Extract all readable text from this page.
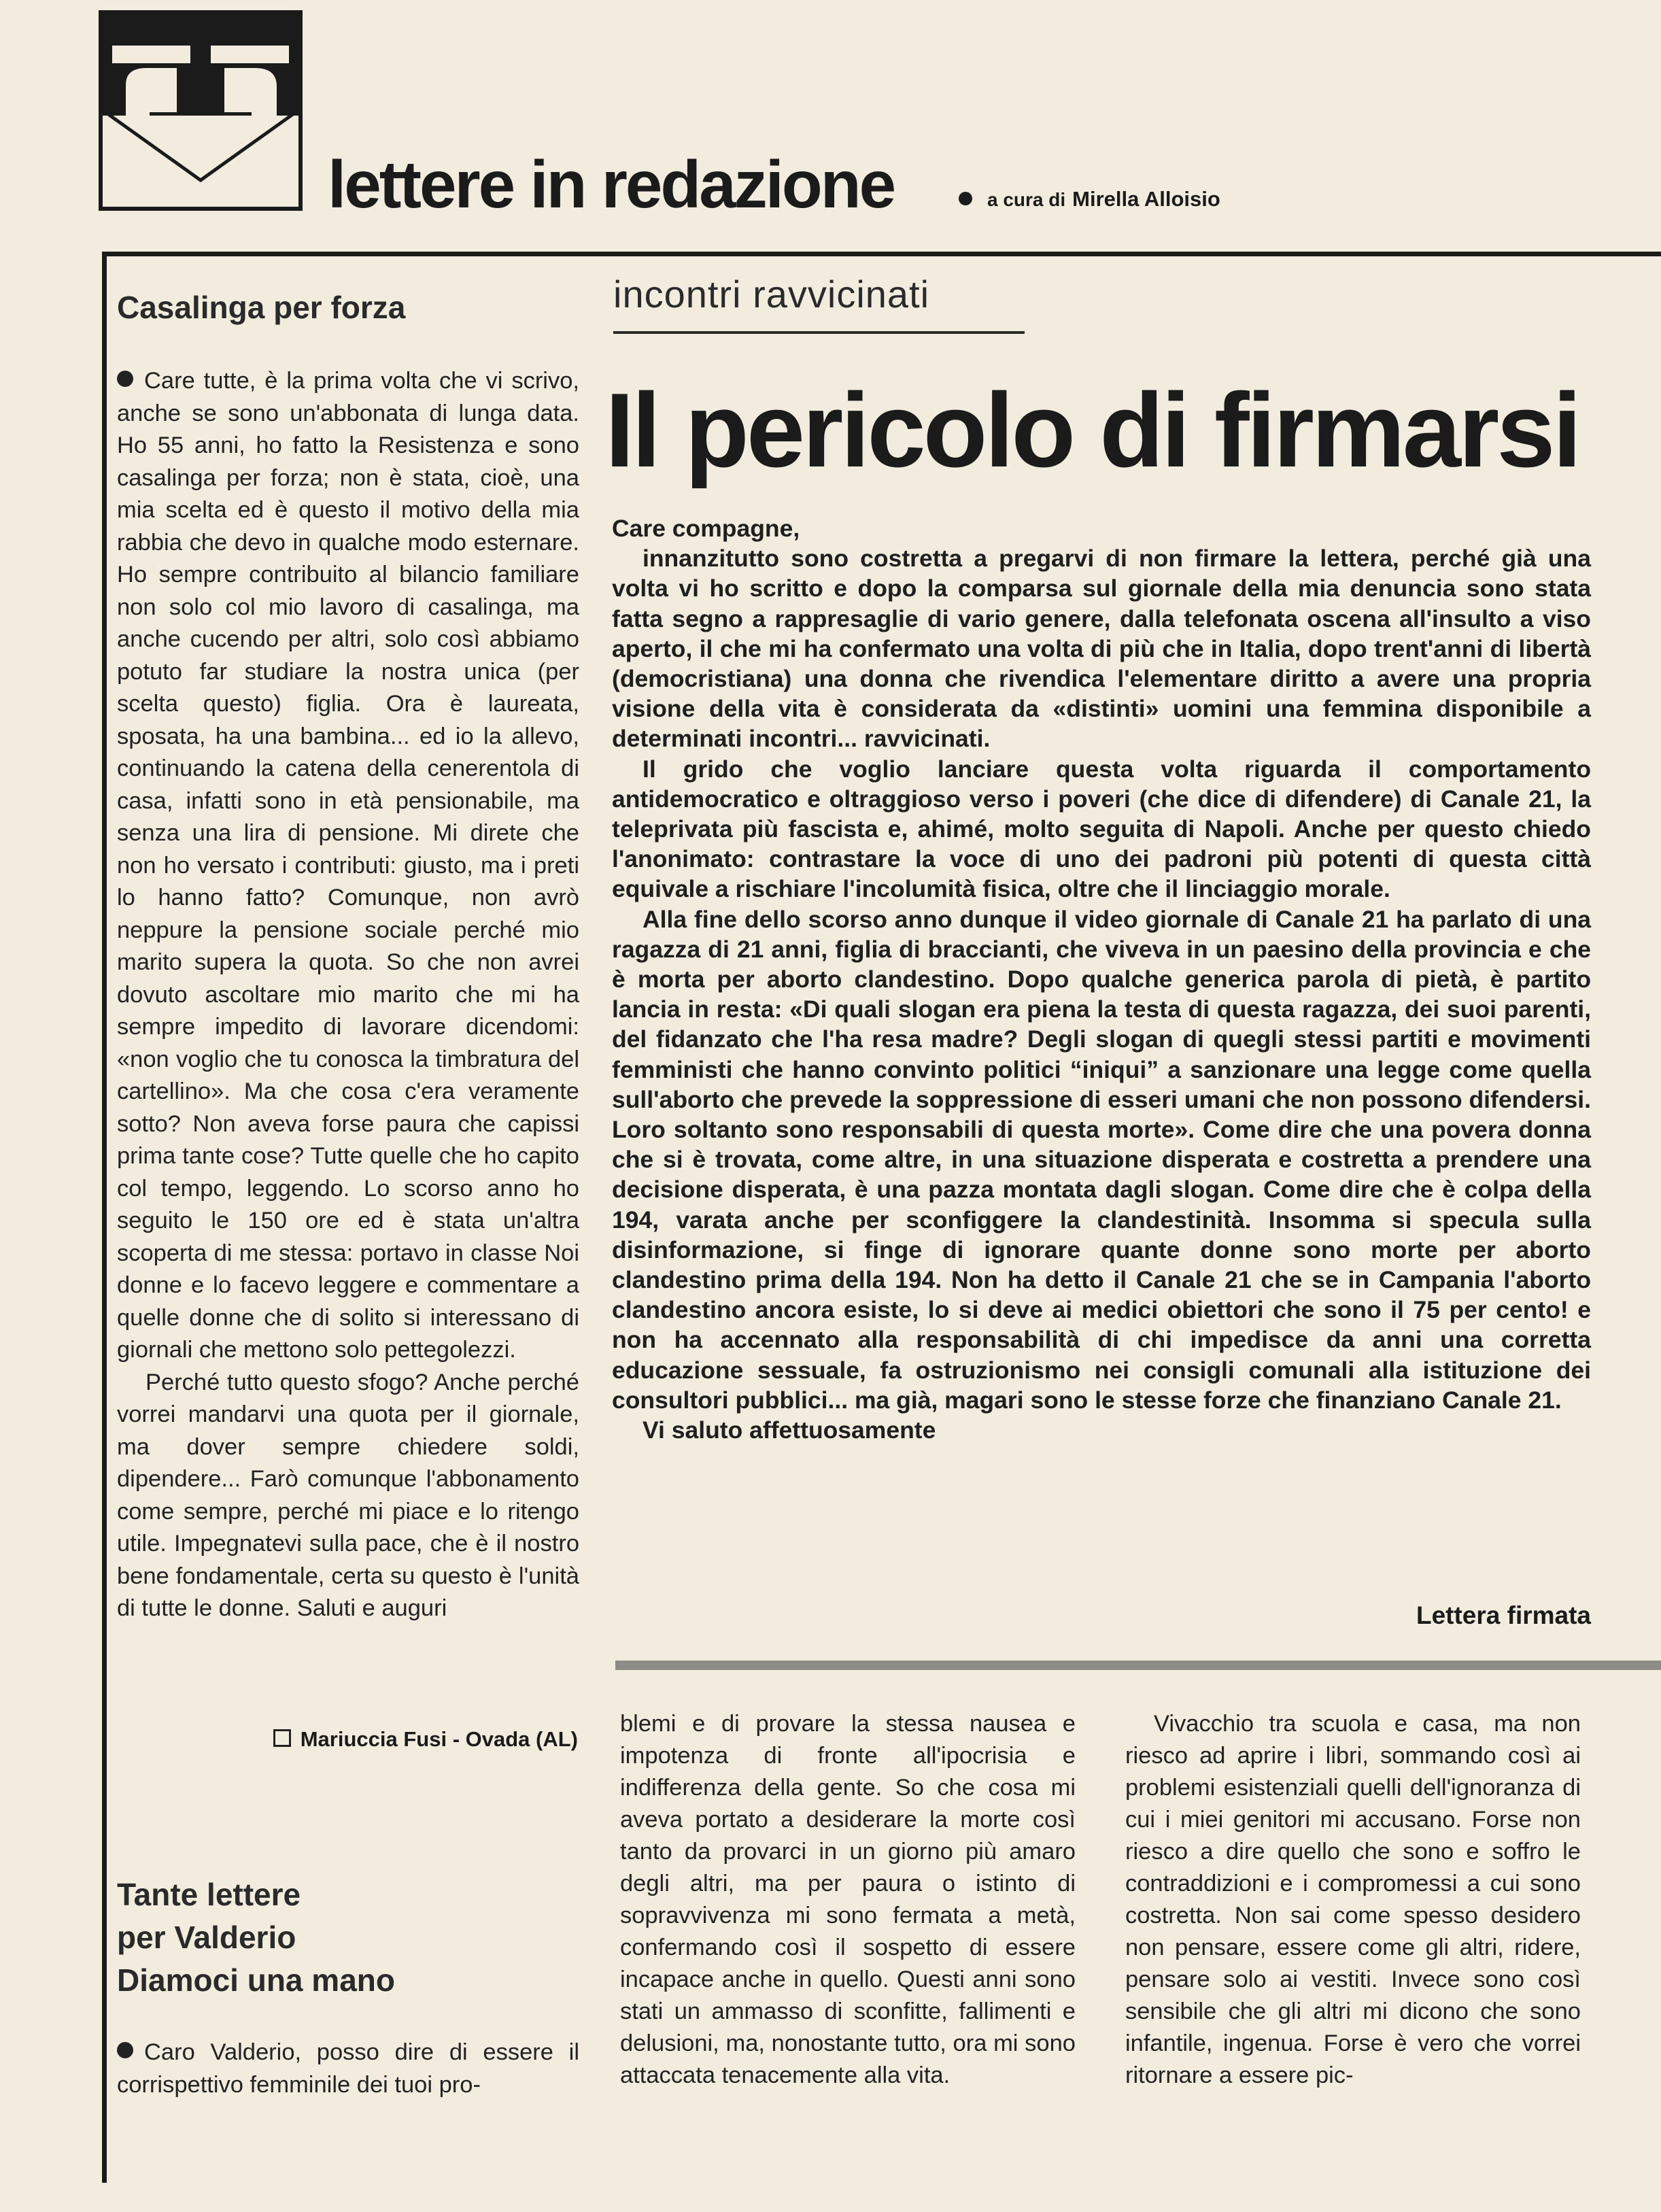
lettere in redazione	a cura di Mirella Alloisio
Casalinga per forza

Care tutte, è la prima volta che vi scrivo, anche se sono un'abbonata di lunga data. Ho 55 anni, ho fatto la Resistenza e sono casalinga per forza; non è stata, cioè, una mia scelta ed è questo il motivo della mia rabbia che devo in qualche modo esternare. Ho sempre contribuito al bilancio familiare non solo col mio lavoro di casalinga, ma anche cucendo per altri, solo così abbiamo potuto far studiare la nostra unica (per scelta questo) figlia. Ora è laureata, sposata, ha una bambina... ed io la allevo, continuando la catena della cenerentola di casa, infatti sono in età pensionabile, ma senza una lira di pensione. Mi direte che non ho versato i contributi: giusto, ma i preti lo hanno fatto? Comunque, non avrò neppure la pensione sociale perché mio marito supera la quota. So che non avrei dovuto ascoltare mio marito che mi ha sempre impedito di lavorare dicendomi: «non voglio che tu conosca la timbratura del cartellino». Ma che cosa c'era veramente sotto? Non aveva forse paura che capissi prima tante cose? Tutte quelle che ho capito col tempo, leggendo. Lo scorso anno ho seguito le 150 ore ed è stata un'altra scoperta di me stessa: portavo in classe Noi donne e lo facevo leggere e commentare a quelle donne che di solito si interessano di giornali che mettono solo pettegolezzi.

Perché tutto questo sfogo? Anche perché vorrei mandarvi una quota per il giornale, ma dover sempre chiedere soldi, dipendere... Farò comunque l'abbonamento come sempre, perché mi piace e lo ritengo utile. Impegnatevi sulla pace, che è il nostro bene fondamentale, certa su questo è l'unità di tutte le donne. Saluti e auguri

Mariuccia Fusi - Ovada (AL)
Tante lettere
per Valderio
Diamoci una mano

Caro Valderio, posso dire di essere il corrispettivo femminile dei tuoi pro-

incontri ravvicinati
Il pericolo di firmarsi

Care compagne,

innanzitutto sono costretta a pregarvi di non firmare la lettera, perché già una volta vi ho scritto e dopo la comparsa sul giornale della mia denuncia sono stata fatta segno a rappresaglie di vario genere, dalla telefonata oscena all'insulto a viso aperto, il che mi ha confermato una volta di più che in Italia, dopo trent'anni di libertà (democristiana) una donna che rivendica l'elementare diritto a avere una propria visione della vita è considerata da «distinti» uomini una femmina disponibile a determinati incontri... ravvicinati.

Il grido che voglio lanciare questa volta riguarda il comportamento antidemocratico e oltraggioso verso i poveri (che dice di difendere) di Canale 21, la teleprivata più fascista e, ahimé, molto seguita di Napoli. Anche per questo chiedo l'anonimato: contrastare la voce di uno dei padroni più potenti di questa città equivale a rischiare l'incolumità fisica, oltre che il linciaggio morale.

Alla fine dello scorso anno dunque il video giornale di Canale 21 ha parlato di una ragazza di 21 anni, figlia di braccianti, che viveva in un paesino della provincia e che è morta per aborto clandestino. Dopo qualche generica parola di pietà, è partito lancia in resta: «Di quali slogan era piena la testa di questa ragazza, dei suoi parenti, del fidanzato che l'ha resa madre? Degli slogan di quegli stessi partiti e movimenti femministi che hanno convinto politici “iniqui” a sanzionare una legge come quella sull'aborto che prevede la soppressione di esseri umani che non possono difendersi. Loro soltanto sono responsabili di questa morte». Come dire che una povera donna che si è trovata, come altre, in una situazione disperata e costretta a prendere una decisione disperata, è una pazza montata dagli slogan. Come dire che è colpa della 194, varata anche per sconfiggere la clandestinità. Insomma si specula sulla disinformazione, si finge di ignorare quante donne sono morte per aborto clandestino prima della 194. Non ha detto il Canale 21 che se in Campania l'aborto clandestino ancora esiste, lo si deve ai medici obiettori che sono il 75 per cento! e non ha accennato alla responsabilità di chi impedisce da anni una corretta educazione sessuale, fa ostruzionismo nei consigli comunali alla istituzione dei consultori pubblici... ma già, magari sono le stesse forze che finanziano Canale 21.

Vi saluto affettuosamente

Lettera firmata

blemi e di provare la stessa nausea e impotenza di fronte all'ipocrisia e indifferenza della gente. So che cosa mi aveva portato a desiderare la morte così tanto da provarci in un giorno più amaro degli altri, ma per paura o istinto di sopravvivenza mi sono fermata a metà, confermando così il sospetto di essere incapace anche in quello. Questi anni sono stati un ammasso di sconfitte, fallimenti e delusioni, ma, nonostante tutto, ora mi sono attaccata tenacemente alla vita.

Vivacchio tra scuola e casa, ma non riesco ad aprire i libri, sommando così ai problemi esistenziali quelli dell'ignoranza di cui i miei genitori mi accusano. Forse non riesco a dire quello che sono e soffro le contraddizioni e i compromessi a cui sono costretta. Non sai come spesso desidero non pensare, essere come gli altri, ridere, pensare solo ai vestiti. Invece sono così sensibile che gli altri mi dicono che sono infantile, ingenua. Forse è vero che vorrei ritornare a essere pic-
